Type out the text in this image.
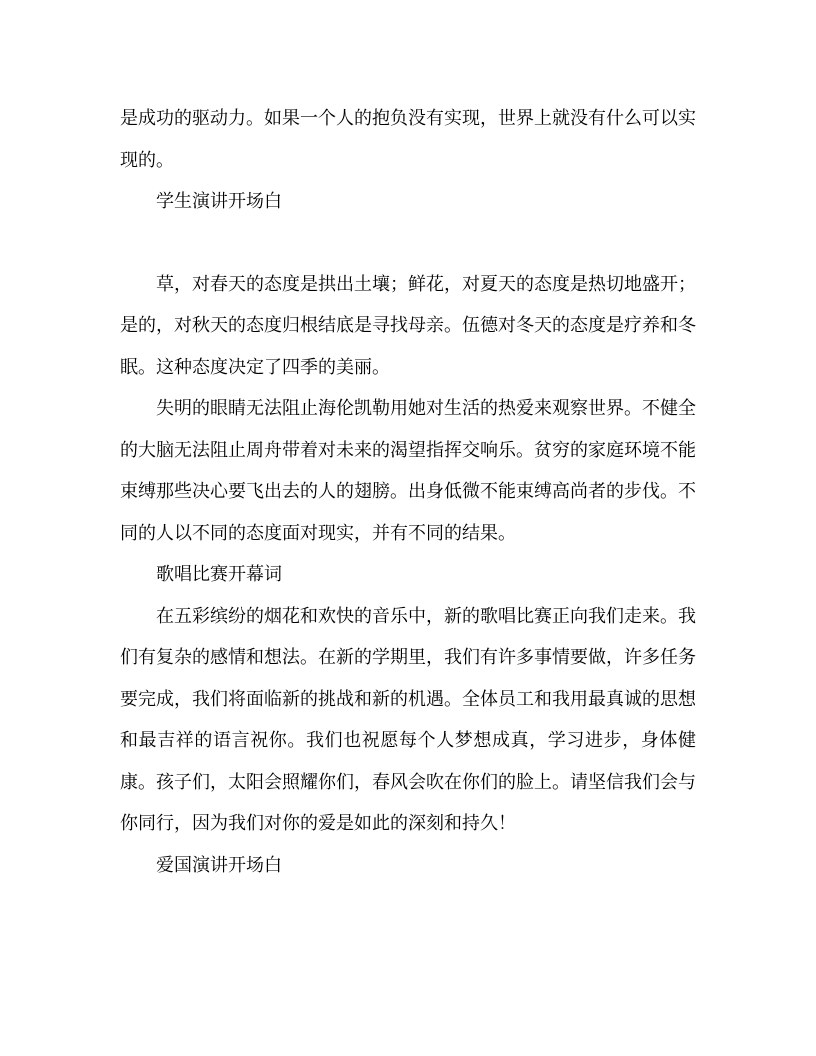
是成功的驱动力。如果一个人的抱负没有实现，世界上就没有什么可以实现的。

学生演讲开场白

草，对春天的态度是拱出土壤；鲜花，对夏天的态度是热切地盛开；是的，对秋天的态度归根结底是寻找母亲。伍德对冬天的态度是疗养和冬眠。这种态度决定了四季的美丽。

失明的眼睛无法阻止海伦凯勒用她对生活的热爱来观察世界。不健全的大脑无法阻止周舟带着对未来的渴望指挥交响乐。贫穷的家庭环境不能束缚那些决心要飞出去的人的翅膀。出身低微不能束缚高尚者的步伐。不同的人以不同的态度面对现实，并有不同的结果。

歌唱比赛开幕词

在五彩缤纷的烟花和欢快的音乐中，新的歌唱比赛正向我们走来。我们有复杂的感情和想法。在新的学期里，我们有许多事情要做，许多任务要完成，我们将面临新的挑战和新的机遇。全体员工和我用最真诚的思想和最吉祥的语言祝你。我们也祝愿每个人梦想成真，学习进步，身体健康。孩子们，太阳会照耀你们，春风会吹在你们的脸上。请坚信我们会与你同行，因为我们对你的爱是如此的深刻和持久！

爱国演讲开场白
